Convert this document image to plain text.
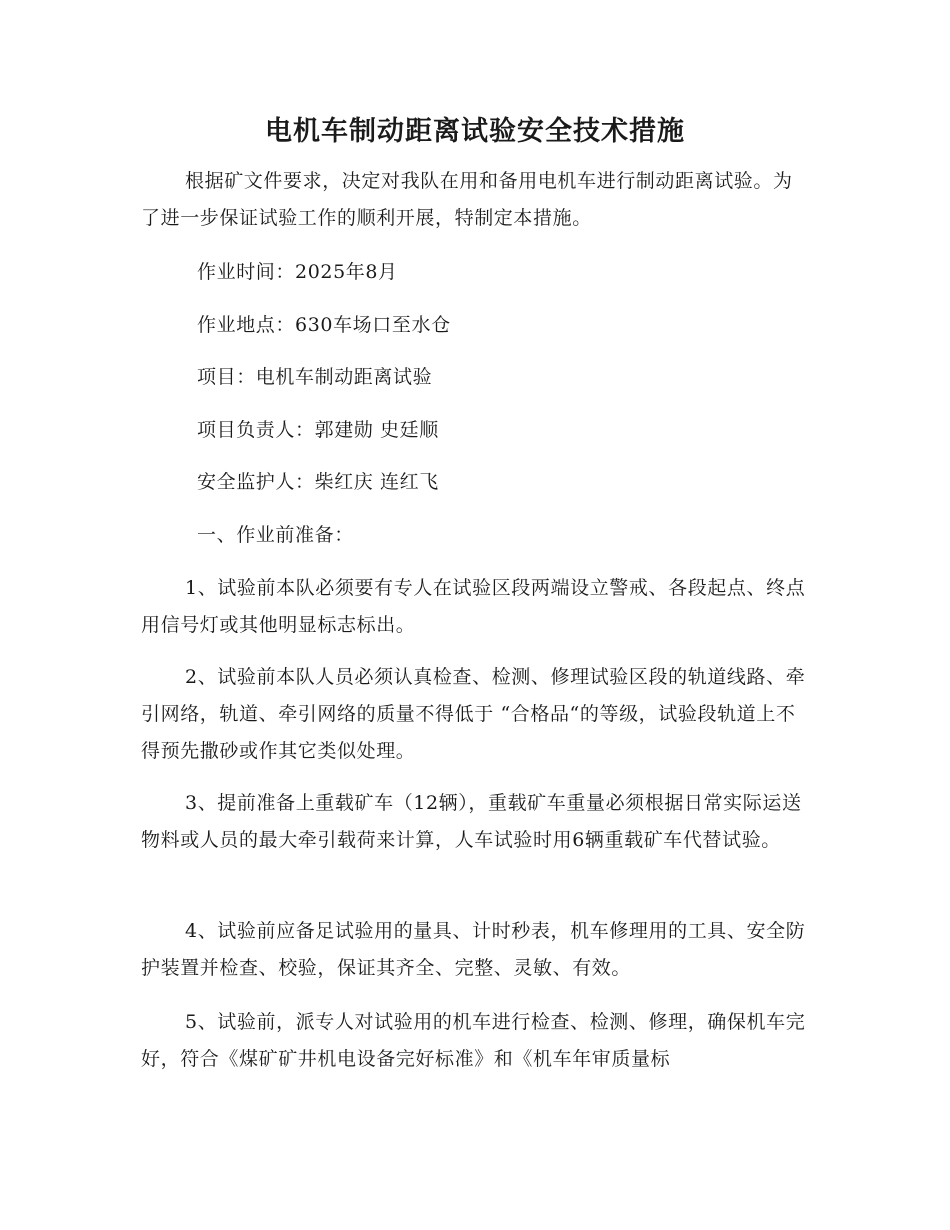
电机车制动距离试验安全技术措施

根据矿文件要求，决定对我队在用和备用电机车进行制动距离试验。为了进一步保证试验工作的顺利开展，特制定本措施。

作业时间：2025年8月

作业地点：630车场口至水仓

项目：电机车制动距离试验

项目负责人：郭建勋 史廷顺

安全监护人：柴红庆 连红飞

一、作业前准备：

1、试验前本队必须要有专人在试验区段两端设立警戒、各段起点、终点用信号灯或其他明显标志标出。

2、试验前本队人员必须认真检查、检测、修理试验区段的轨道线路、牵引网络，轨道、牵引网络的质量不得低于 “合格品“的等级，试验段轨道上不得预先撒砂或作其它类似处理。

3、提前准备上重载矿车（12辆），重载矿车重量必须根据日常实际运送物料或人员的最大牵引载荷来计算，人车试验时用6辆重载矿车代替试验。

4、试验前应备足试验用的量具、计时秒表，机车修理用的工具、安全防护装置并检查、校验，保证其齐全、完整、灵敏、有效。

5、试验前，派专人对试验用的机车进行检查、检测、修理，确保机车完好，符合《煤矿矿井机电设备完好标准》和《机车年审质量标
